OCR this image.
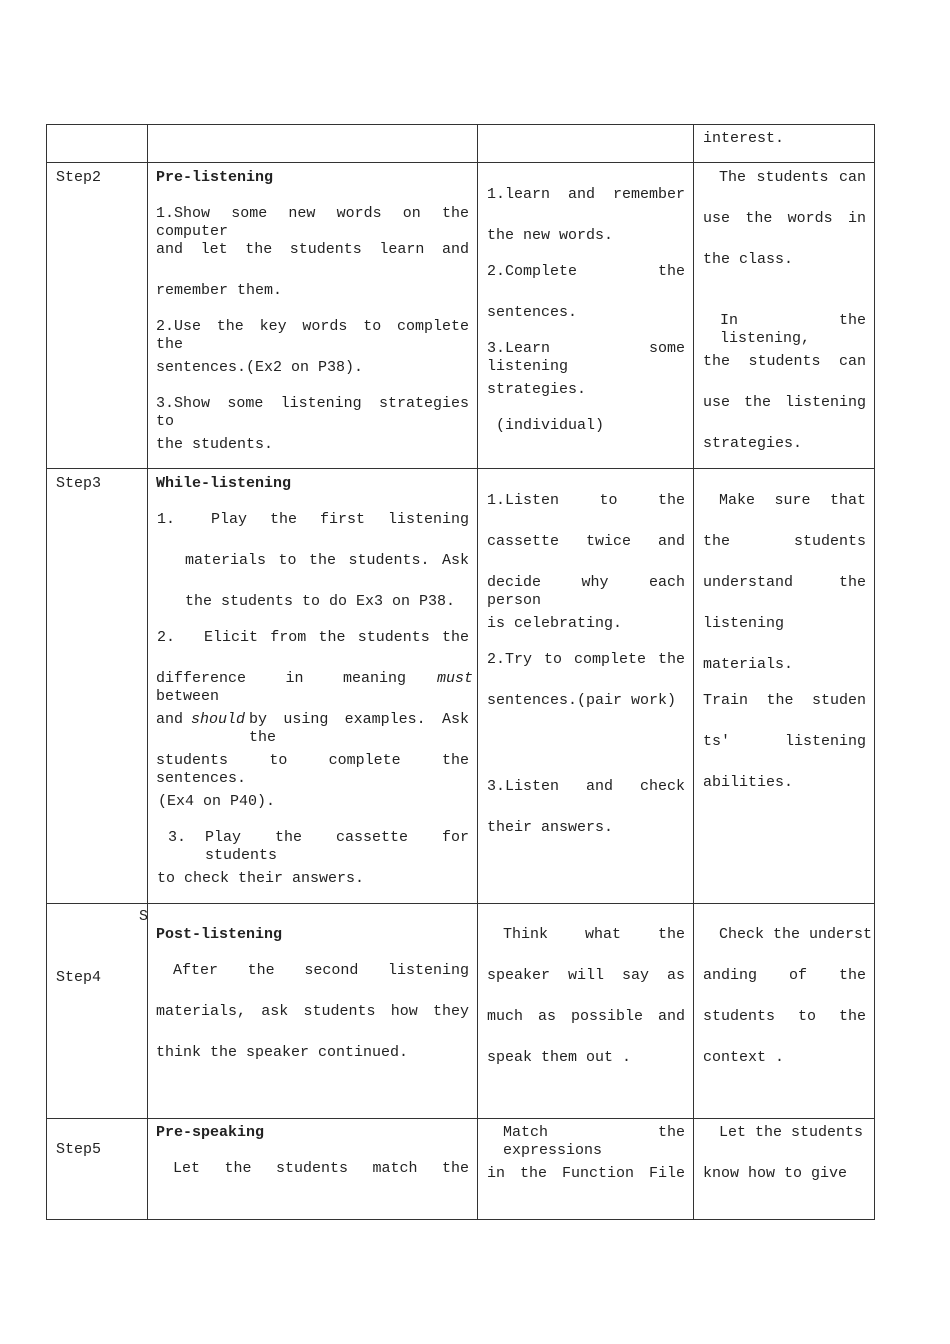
interest.
Step2	Pre-listening
1.Show some new words on the computer
and let the students learn and
remember them.
2.Use the key words to complete the
sentences.(Ex2 on P38).
3.Show some listening strategies to
the students.
1.learn and remember
the new words.
2.Complete the
sentences.
3.Learn some listening
strategies.
(individual)
The students can
use the words in
the class.
In the listening,
the students can
use the listening
strategies.
Step3	While-listening
1. Play the first listening
materials to the students. Ask
the students to do Ex3 on P38.
2. Elicit from the students the
difference in meaning between
must
and should by using examples. Ask the
students to complete the sentences.
(Ex4 on P40).
3. Play the cassette for students
to check their answers.
1.Listen to the
cassette twice and
decide why each person
is celebrating.
2.Try to complete the
sentences.(pair work)
3.Listen and check
their answers.
Make sure that
the students
understand the
listening
materials.
Train the studen
ts' listening
abilities.
S
Step4
Post-listening
After the second listening
materials, ask students how they
think the speaker continued.
Think what the
speaker will say as
much as possible and
speak them out .
Check the underst
anding of the
students to the
context .
Step5
Pre-speaking
Let the students match the
Match the expressions
in the Function File
Let the students
know how to give
